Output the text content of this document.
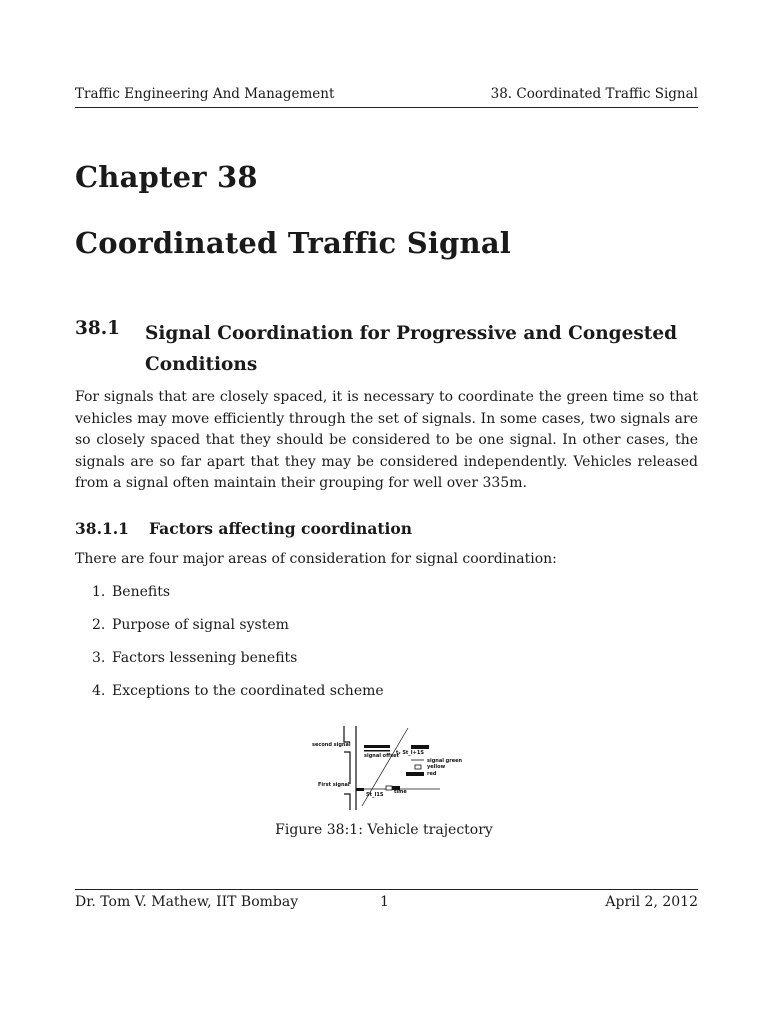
Traffic Engineering And Management	38. Coordinated Traffic Signal
Chapter 38
Coordinated Traffic Signal
38.1 Signal Coordination for Progressive and Congested Conditions
For signals that are closely spaced, it is necessary to coordinate the green time so that vehicles may move efficiently through the set of signals. In some cases, two signals are so closely spaced that they should be considered to be one signal. In other cases, the signals are so far apart that they may be considered independently. Vehicles released from a signal often maintain their grouping for well over 335m.
38.1.1 Factors affecting coordination
There are four major areas of consideration for signal coordination:
1. Benefits
2. Purpose of signal system
3. Factors lessening benefits
4. Exceptions to the coordinated scheme
second signal
signal offset
t₂ St_I+1S
signal green
yellow
red
First signal
St_I1S time
Figure 38:1: Vehicle trajectory
Dr. Tom V. Mathew, IIT Bombay	1	April 2, 2012
